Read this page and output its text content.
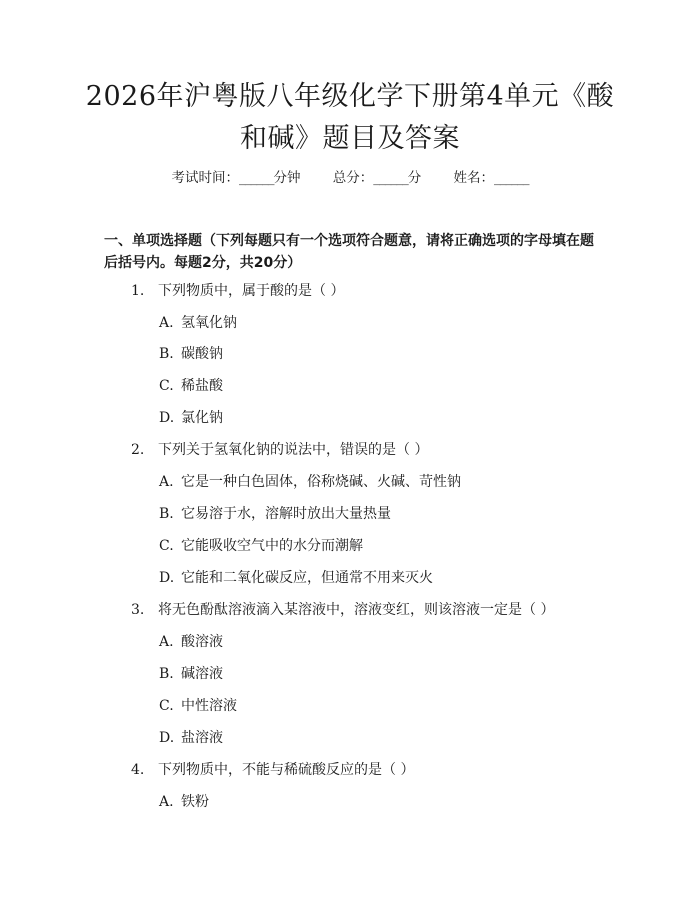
2026年沪粤版八年级化学下册第4单元《酸
和碱》题目及答案
考试时间：______分钟 总分：______分 姓名：______
一、单项选择题（下列每题只有一个选项符合题意，请将正确选项的字母填在题后括号内。每题2分，共20分）
1. 下列物质中，属于酸的是（ ）
A. 氢氧化钠
B. 碳酸钠
C. 稀盐酸
D. 氯化钠
2. 下列关于氢氧化钠的说法中，错误的是（ ）
A. 它是一种白色固体，俗称烧碱、火碱、苛性钠
B. 它易溶于水，溶解时放出大量热量
C. 它能吸收空气中的水分而潮解
D. 它能和二氧化碳反应，但通常不用来灭火
3. 将无色酚酞溶液滴入某溶液中，溶液变红，则该溶液一定是（ ）
A. 酸溶液
B. 碱溶液
C. 中性溶液
D. 盐溶液
4. 下列物质中，不能与稀硫酸反应的是（ ）
A. 铁粉
